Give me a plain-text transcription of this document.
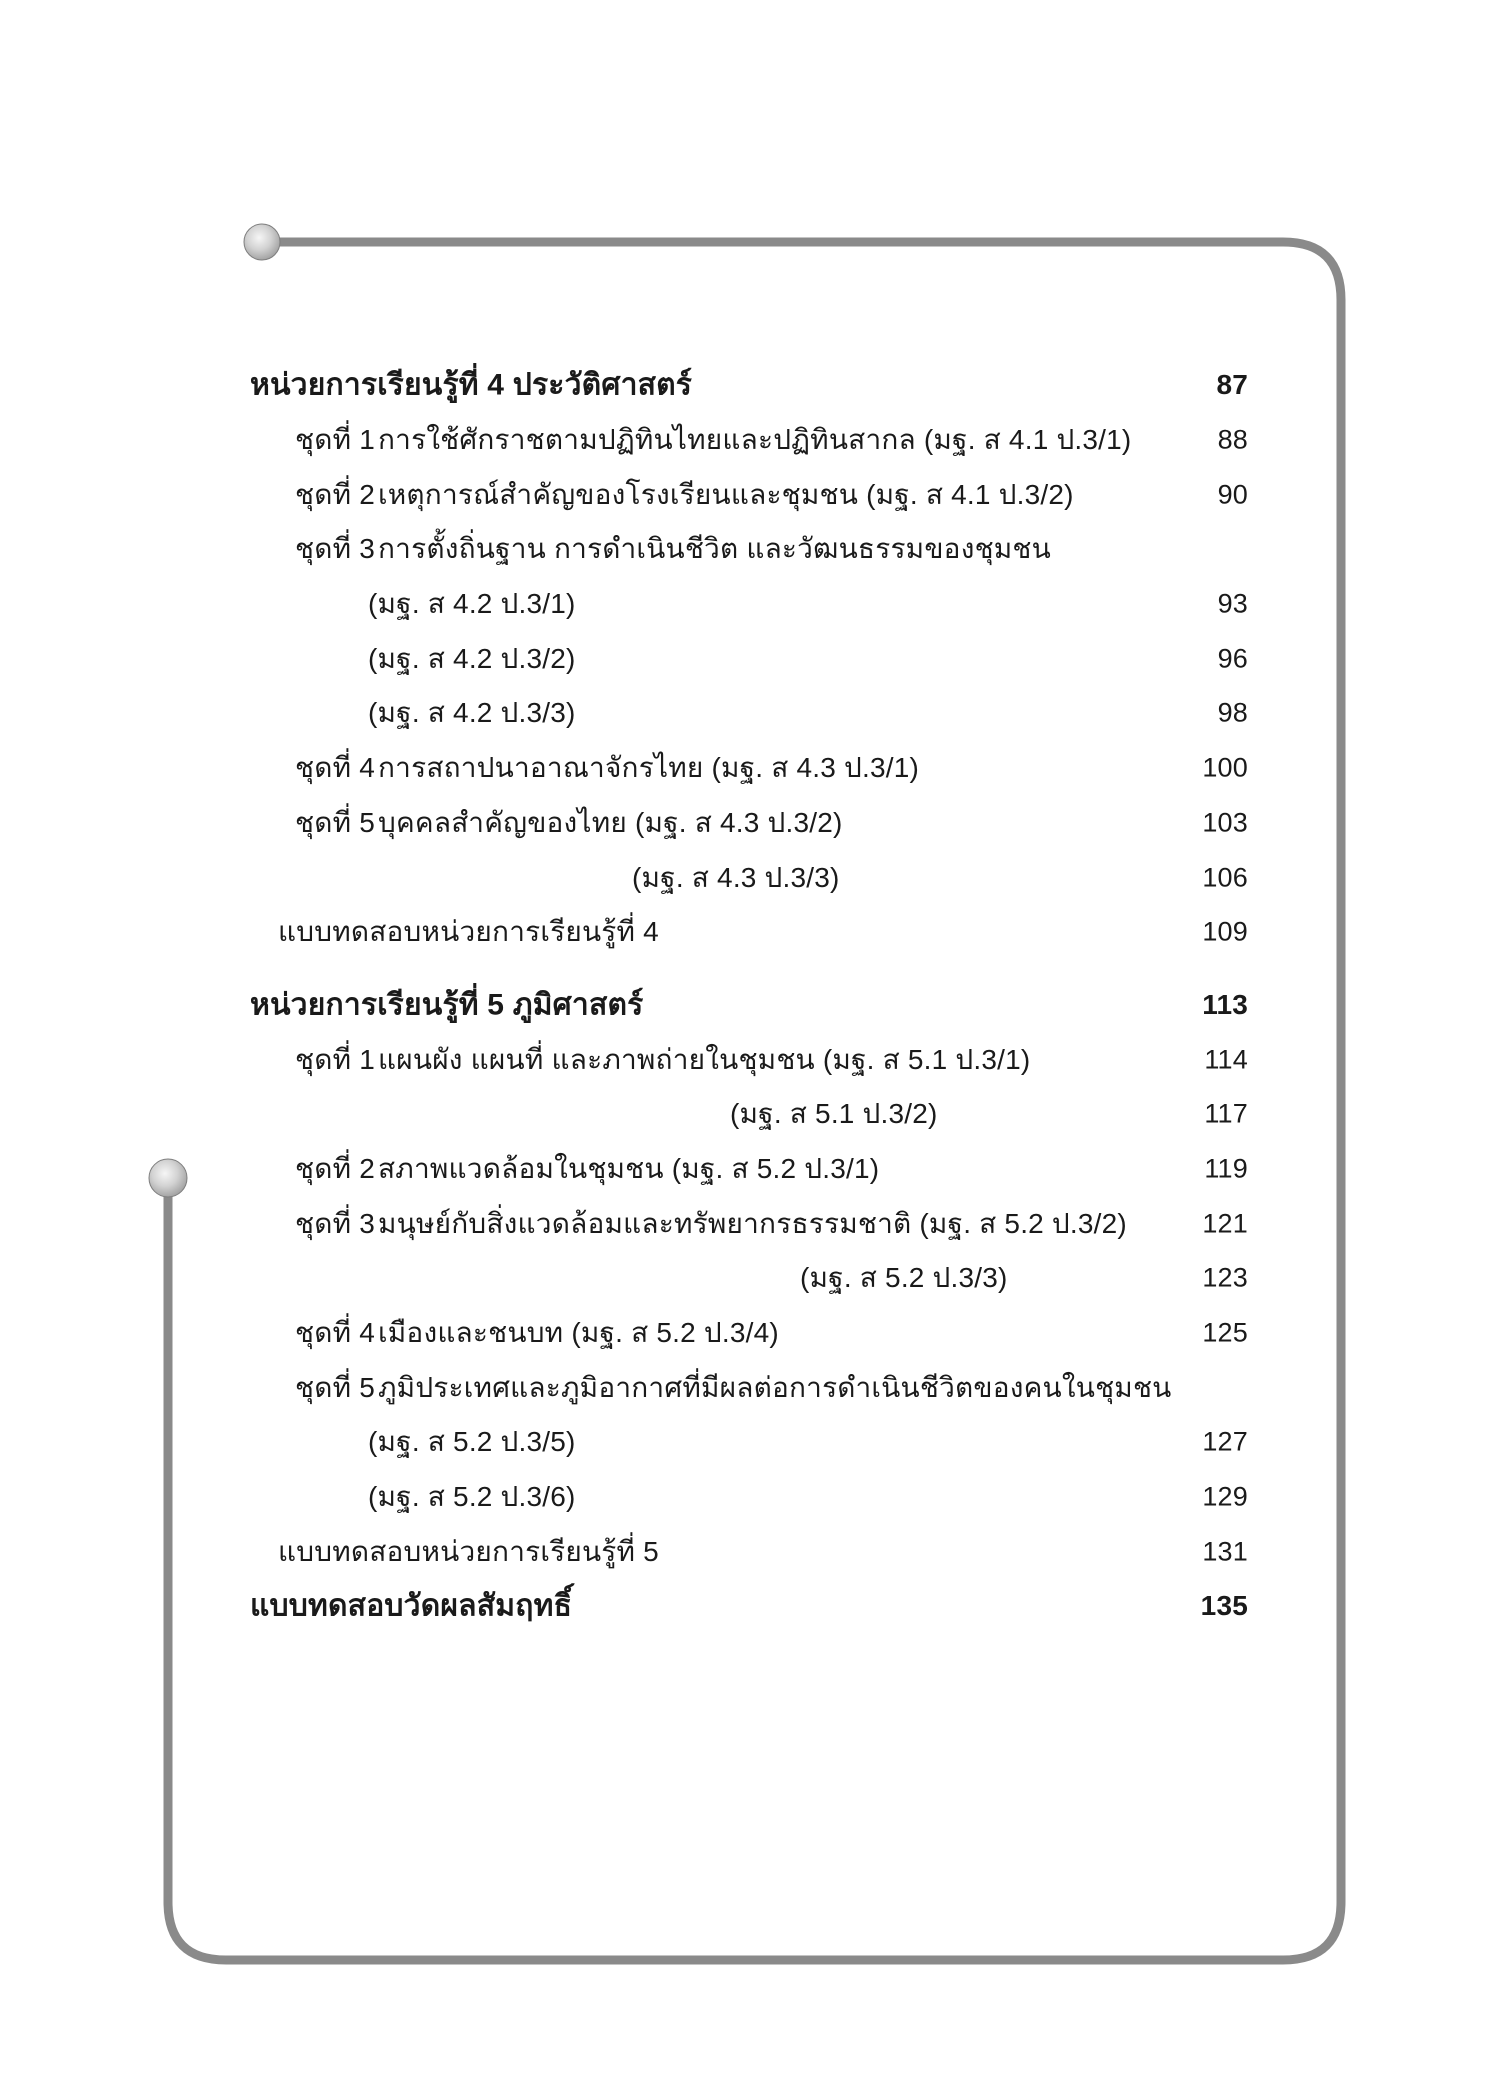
หน่วยการเรียนรู้ที่ 4 ประวัติศาสตร์	87
ชุดที่ 1 การใช้ศักราชตามปฏิทินไทยและปฏิทินสากล (มฐ. ส 4.1 ป.3/1)	88
ชุดที่ 2 เหตุการณ์สำคัญของโรงเรียนและชุมชน (มฐ. ส 4.1 ป.3/2)	90
ชุดที่ 3 การตั้งถิ่นฐาน การดำเนินชีวิต และวัฒนธรรมของชุมชน
(มฐ. ส 4.2 ป.3/1)	93
(มฐ. ส 4.2 ป.3/2)	96
(มฐ. ส 4.2 ป.3/3)	98
ชุดที่ 4 การสถาปนาอาณาจักรไทย (มฐ. ส 4.3 ป.3/1)	100
ชุดที่ 5 บุคคลสำคัญของไทย (มฐ. ส 4.3 ป.3/2)	103
(มฐ. ส 4.3 ป.3/3)	106
แบบทดสอบหน่วยการเรียนรู้ที่ 4	109
หน่วยการเรียนรู้ที่ 5 ภูมิศาสตร์	113
ชุดที่ 1 แผนผัง แผนที่ และภาพถ่ายในชุมชน (มฐ. ส 5.1 ป.3/1)	114
(มฐ. ส 5.1 ป.3/2)	117
ชุดที่ 2 สภาพแวดล้อมในชุมชน (มฐ. ส 5.2 ป.3/1)	119
ชุดที่ 3 มนุษย์กับสิ่งแวดล้อมและทรัพยากรธรรมชาติ (มฐ. ส 5.2 ป.3/2)	121
(มฐ. ส 5.2 ป.3/3)	123
ชุดที่ 4 เมืองและชนบท (มฐ. ส 5.2 ป.3/4)	125
ชุดที่ 5 ภูมิประเทศและภูมิอากาศที่มีผลต่อการดำเนินชีวิตของคนในชุมชน
(มฐ. ส 5.2 ป.3/5)	127
(มฐ. ส 5.2 ป.3/6)	129
แบบทดสอบหน่วยการเรียนรู้ที่ 5	131
แบบทดสอบวัดผลสัมฤทธิ์	135
